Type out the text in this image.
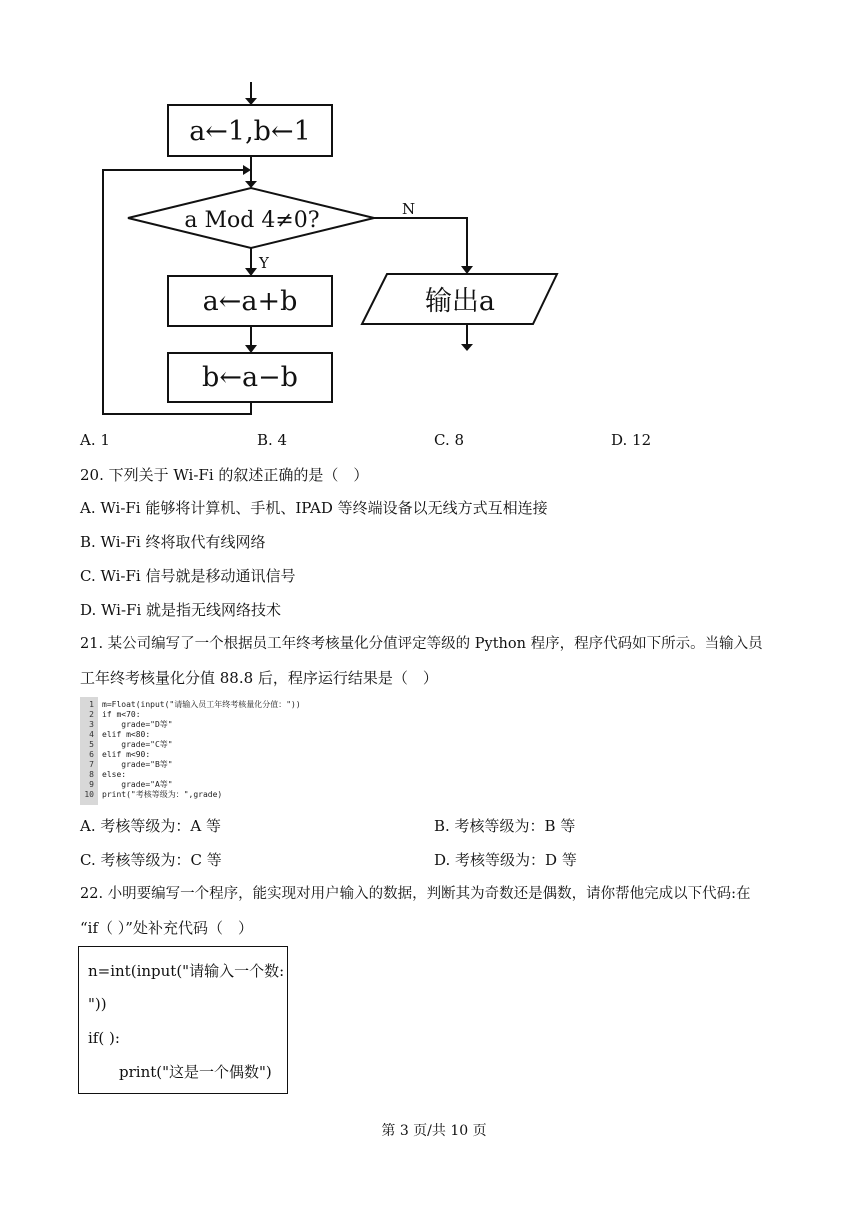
a←1,b←1
a Mod 4≠0?
Y
N
a←a+b
b←a−b
输出a
A. 1	B. 4	C. 8	D. 12
20. 下列关于 Wi-Fi 的叙述正确的是（　）
A. Wi-Fi 能够将计算机、手机、IPAD 等终端设备以无线方式互相连接
B. Wi-Fi 终将取代有线网络
C. Wi-Fi 信号就是移动通讯信号
D. Wi-Fi 就是指无线网络技术
21. 某公司编写了一个根据员工年终考核量化分值评定等级的 Python 程序，程序代码如下所示。当输入员
工年终考核量化分值 88.8 后，程序运行结果是（　）
1 m=Float(input("请输入员工年终考核量化分值："))
2 if m<70:
3    grade="D等"
4 elif m<80:
5    grade="C等"
6 elif m<90:
7    grade="B等"
8 else:
9    grade="A等"
10 print("考核等级为：",grade)
A. 考核等级为：A 等	B. 考核等级为：B 等
C. 考核等级为：C 等	D. 考核等级为：D 等
22. 小明要编写一个程序，能实现对用户输入的数据，判断其为奇数还是偶数，请你帮他完成以下代码:在
“if（ ）”处补充代码（　）
n=int(input("请输入一个数:
"))
if( ):
print("这是一个偶数")
第 3 页/共 10 页
